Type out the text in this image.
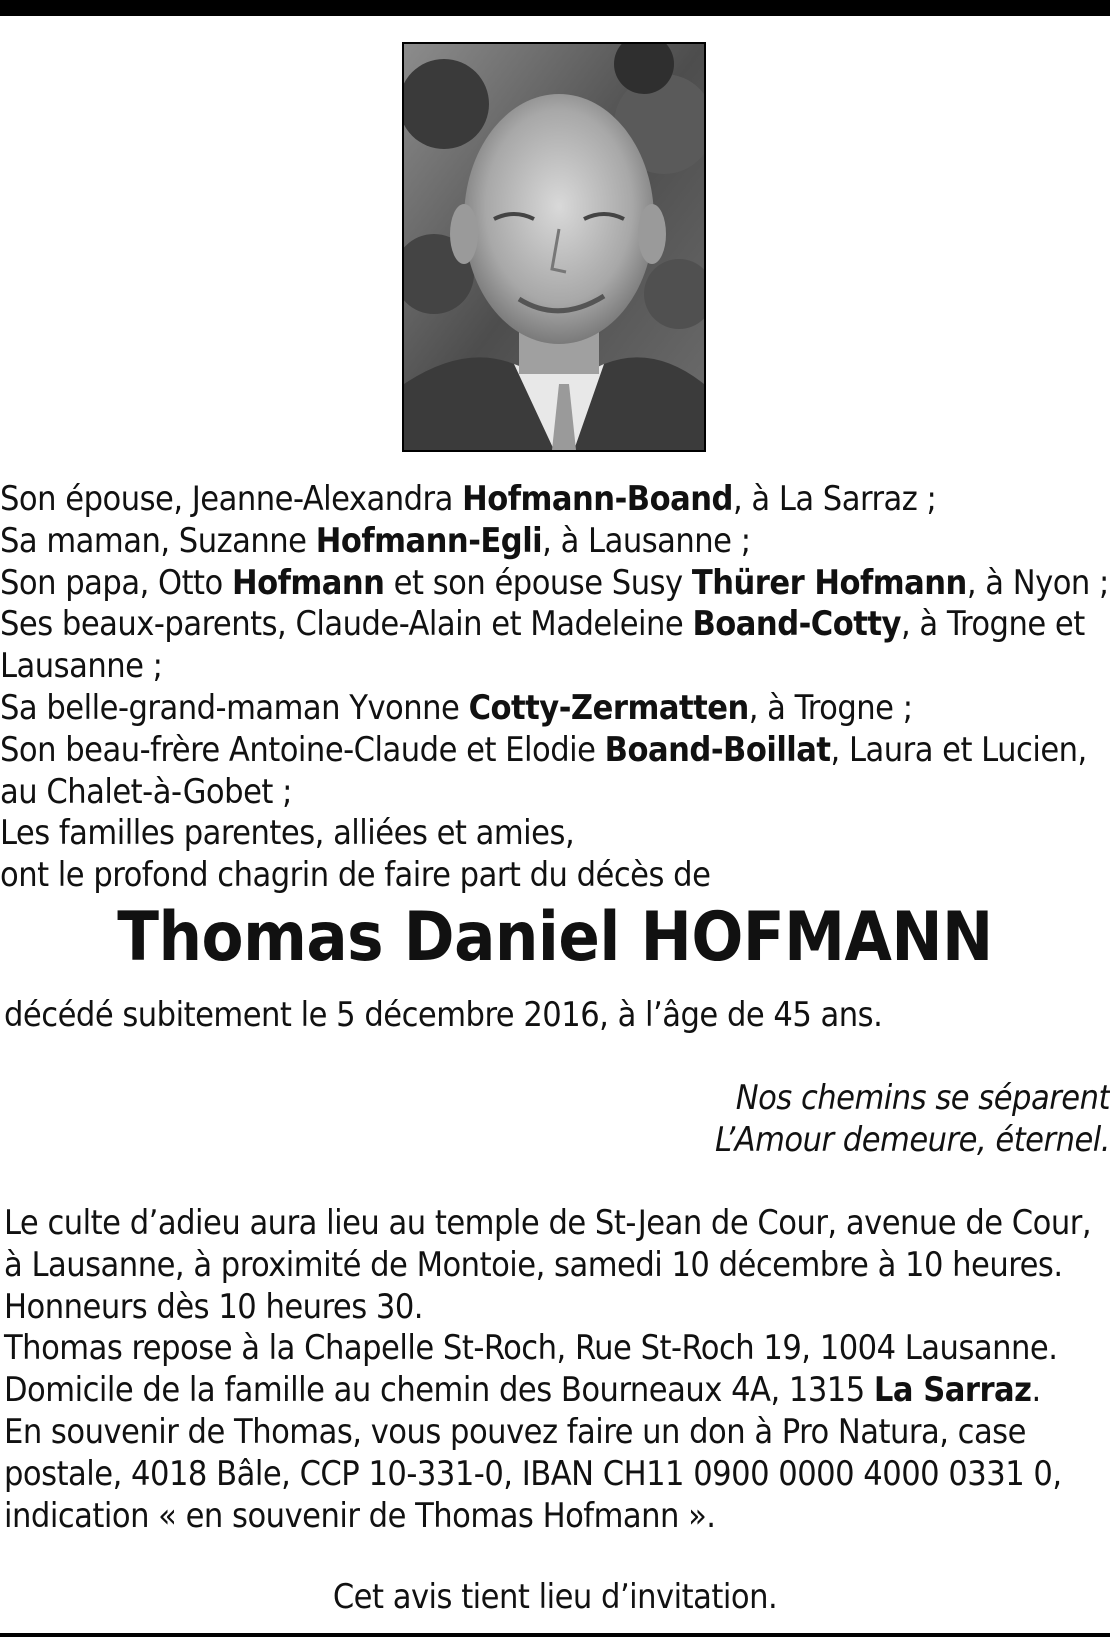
Son épouse, Jeanne-Alexandra Hofmann-Boand, à La Sarraz ;
Sa maman, Suzanne Hofmann-Egli, à Lausanne ;
Son papa, Otto Hofmann et son épouse Susy Thürer Hofmann, à Nyon ;
Ses beaux-parents, Claude-Alain et Madeleine Boand-Cotty, à Trogne et
Lausanne ;
Sa belle-grand-maman Yvonne Cotty-Zermatten, à Trogne ;
Son beau-frère Antoine-Claude et Elodie Boand-Boillat, Laura et Lucien,
au Chalet-à-Gobet ;
Les familles parentes, alliées et amies,
ont le profond chagrin de faire part du décès de
Thomas Daniel HOFMANN
décédé subitement le 5 décembre 2016, à l’âge de 45 ans.
Nos chemins se séparent
L’Amour demeure, éternel.
Le culte d’adieu aura lieu au temple de St-Jean de Cour, avenue de Cour,
à Lausanne, à proximité de Montoie, samedi 10 décembre à 10 heures.
Honneurs dès 10 heures 30.
Thomas repose à la Chapelle St-Roch, Rue St-Roch 19, 1004 Lausanne.
Domicile de la famille au chemin des Bourneaux 4A, 1315 La Sarraz.
En souvenir de Thomas, vous pouvez faire un don à Pro Natura, case
postale, 4018 Bâle, CCP 10-331-0, IBAN CH11 0900 0000 4000 0331 0,
indication « en souvenir de Thomas Hofmann ».
Cet avis tient lieu d’invitation.
